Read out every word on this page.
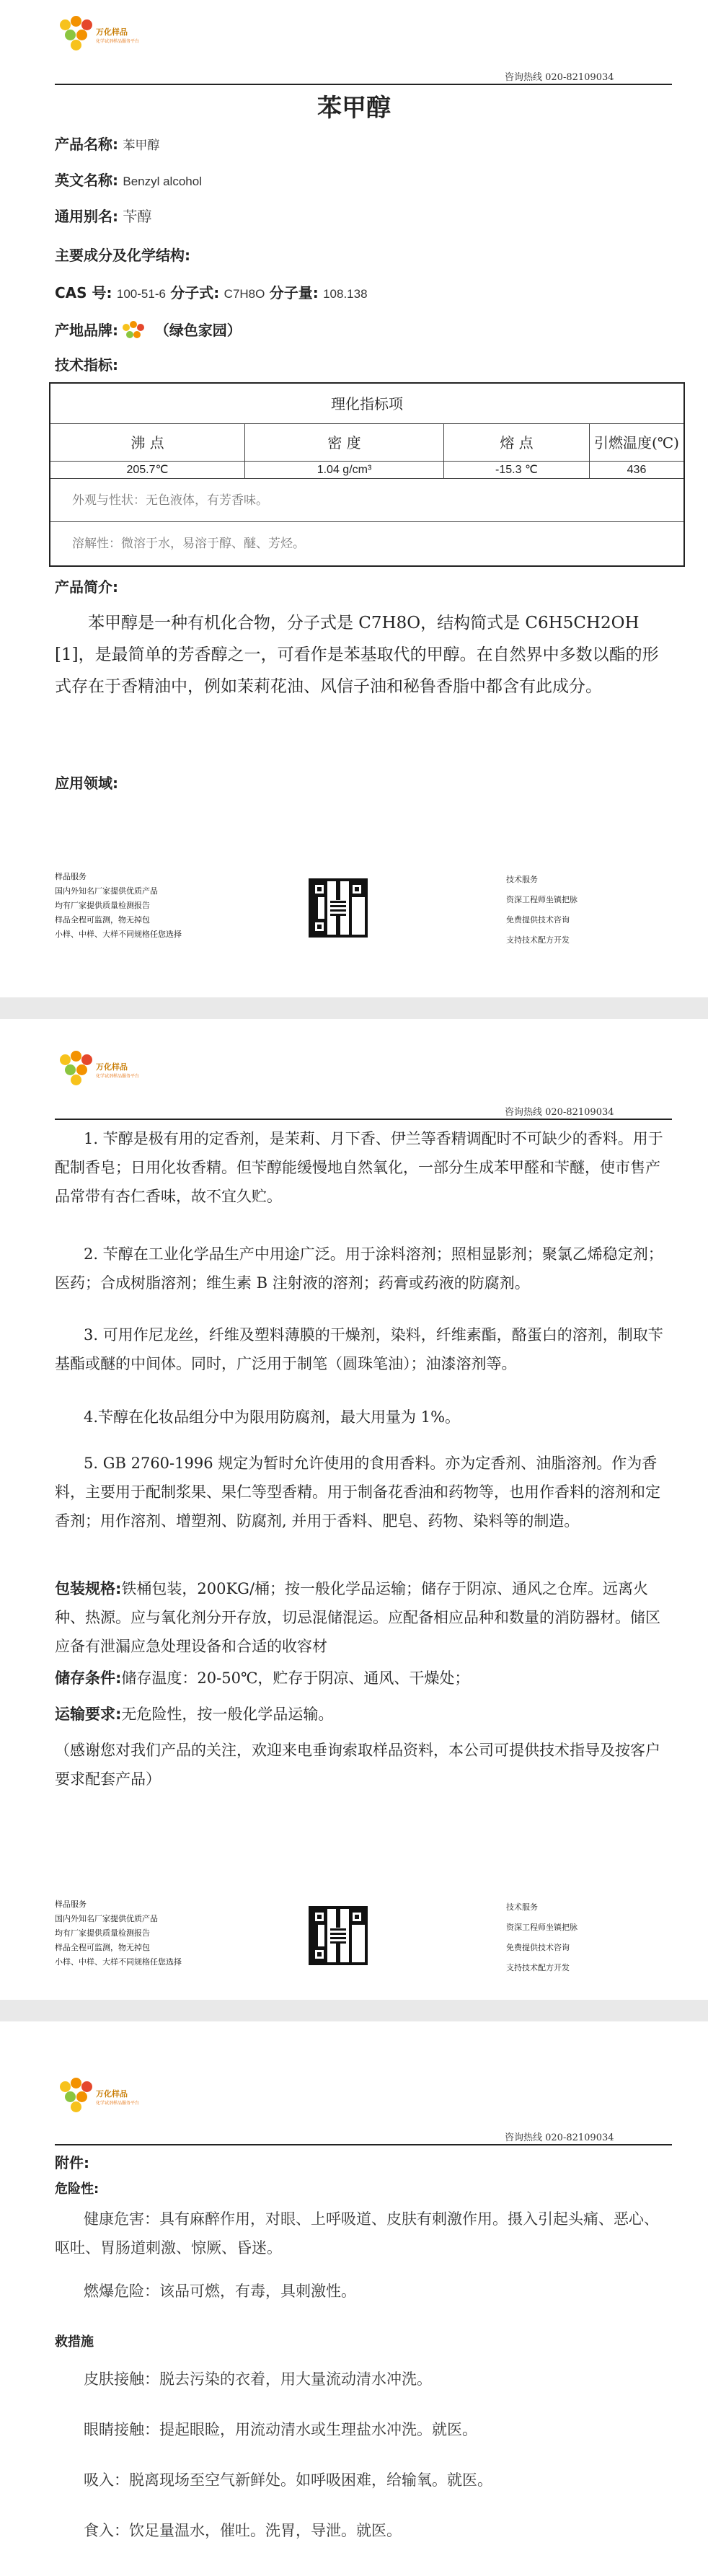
万化样品
化学试剂样品服务平台
咨询热线 020-82109034
苯甲醇
产品名称: 苯甲醇
英文名称: Benzyl alcohol
通用别名: 苄醇
主要成分及化学结构:
CAS 号: 100-51-6 分子式: C7H8O 分子量: 108.138
产地品牌:	（绿色家园）
技术指标:
理化指标项
沸 点	密 度	熔 点	引燃温度(℃)
205.7℃	1.04 g/cm³	-15.3 ℃	436
外观与性状：无色液体，有芳香味。
溶解性：微溶于水，易溶于醇、醚、芳烃。
产品简介:
苯甲醇是一种有机化合物，分子式是 C7H8O，结构简式是 C6H5CH2OH [1]，是最简单的芳香醇之一，可看作是苯基取代的甲醇。在自然界中多数以酯的形式存在于香精油中，例如茉莉花油、风信子油和秘鲁香脂中都含有此成分。
应用领域:
样品服务
国内外知名厂家提供优质产品
均有厂家提供质量检测报告
样品全程可监测，物无掉包
小样、中样、大样不同规格任您选择
技术服务
资深工程师坐镇把脉
免费提供技术咨询
支持技术配方开发
万化样品
化学试剂样品服务平台
咨询热线 020-82109034
1. 苄醇是极有用的定香剂，是茉莉、月下香、伊兰等香精调配时不可缺少的香料。用于配制香皂；日用化妆香精。但苄醇能缓慢地自然氧化，一部分生成苯甲醛和苄醚，使市售产品常带有杏仁香味，故不宜久贮。
2. 苄醇在工业化学品生产中用途广泛。用于涂料溶剂；照相显影剂；聚氯乙烯稳定剂；医药；合成树脂溶剂；维生素 B 注射液的溶剂；药膏或药液的防腐剂。
3. 可用作尼龙丝，纤维及塑料薄膜的干燥剂，染料，纤维素酯，酪蛋白的溶剂，制取苄基酯或醚的中间体。同时，广泛用于制笔（圆珠笔油）；油漆溶剂等。
4.苄醇在化妆品组分中为限用防腐剂，最大用量为 1%。
5. GB 2760-1996 规定为暂时允许使用的食用香料。亦为定香剂、油脂溶剂。作为香料，主要用于配制浆果、果仁等型香精。用于制备花香油和药物等，也用作香料的溶剂和定香剂；用作溶剂、增塑剂、防腐剂, 并用于香料、肥皂、药物、染料等的制造。
包装规格:铁桶包装，200KG/桶；按一般化学品运输；储存于阴凉、通风之仓库。远离火种、热源。应与氧化剂分开存放，切忌混储混运。应配备相应品种和数量的消防器材。储区应备有泄漏应急处理设备和合适的收容材
储存条件:储存温度：20-50℃，贮存于阴凉、通风、干燥处；
运输要求:无危险性，按一般化学品运输。
（感谢您对我们产品的关注，欢迎来电垂询索取样品资料，本公司可提供技术指导及按客户要求配套产品）
样品服务
国内外知名厂家提供优质产品
均有厂家提供质量检测报告
样品全程可监测，物无掉包
小样、中样、大样不同规格任您选择
技术服务
资深工程师坐镇把脉
免费提供技术咨询
支持技术配方开发
万化样品
化学试剂样品服务平台
咨询热线 020-82109034
附件:
危险性:
健康危害：具有麻醉作用，对眼、上呼吸道、皮肤有刺激作用。摄入引起头痛、恶心、呕吐、胃肠道刺激、惊厥、昏迷。
燃爆危险：该品可燃，有毒，具刺激性。
救措施
皮肤接触：脱去污染的衣着，用大量流动清水冲洗。
眼睛接触：提起眼睑，用流动清水或生理盐水冲洗。就医。
吸入：脱离现场至空气新鲜处。如呼吸困难，给输氧。就医。
食入：饮足量温水，催吐。洗胃，导泄。就医。
